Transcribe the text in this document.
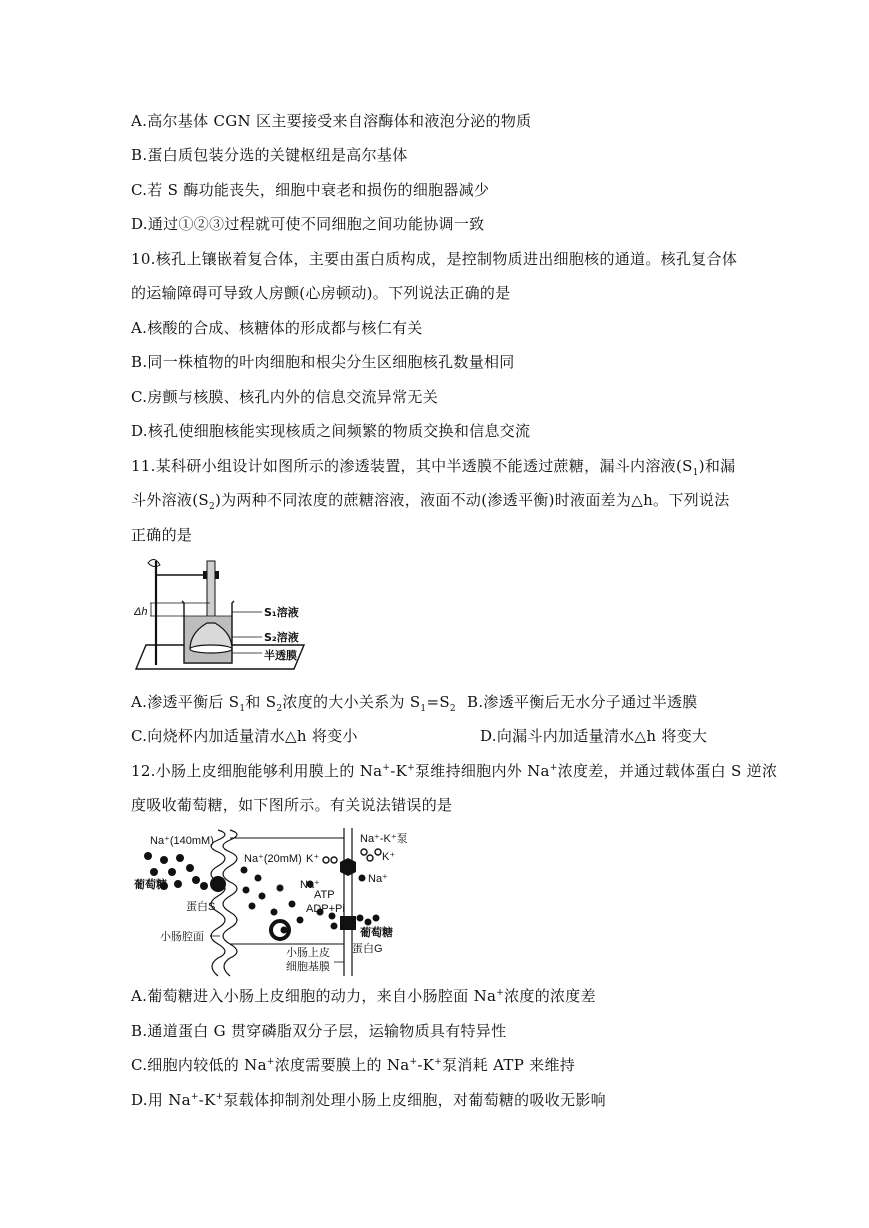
A.高尔基体 CGN 区主要接受来自溶酶体和液泡分泌的物质
B.蛋白质包装分选的关键枢纽是高尔基体
C.若 S 酶功能丧失，细胞中衰老和损伤的细胞器减少
D.通过①②③过程就可使不同细胞之间功能协调一致
10.核孔上镶嵌着复合体，主要由蛋白质构成，是控制物质进出细胞核的通道。核孔复合体
的运输障碍可导致人房颤(心房顿动)。下列说法正确的是
A.核酸的合成、核糖体的形成都与核仁有关
B.同一株植物的叶肉细胞和根尖分生区细胞核孔数量相同
C.房颤与核膜、核孔内外的信息交流异常无关
D.核孔使细胞核能实现核质之间频繁的物质交换和信息交流
11.某科研小组设计如图所示的渗透装置，其中半透膜不能透过蔗糖，漏斗内溶液$(S_1)$和漏
斗外溶液$(S_2)$为两种不同浓度的蔗糖溶液，液面不动(渗透平衡)时液面差为△h。下列说法
正确的是
Δh	S₁溶液
S₂溶液
半透膜
A.渗透平衡后 $S_1$和 $S_2$浓度的大小关系为 $S_1=S_2$ B.渗透平衡后无水分子通过半透膜
C.向烧杯内加适量清水△h 将变小	D.向漏斗内加适量清水△h 将变大
12.小肠上皮细胞能够利用膜上的 Na+-K+泵维持细胞内外 Na+浓度差，并通过载体蛋白 S 逆浓
度吸收葡萄糖，如下图所示。有关说法错误的是
Na⁺(140mM)
Na⁺(20mM)
Na⁺-K⁺泵
K⁺	K⁺
Na⁺
Na⁺
ATP
ADP+Pi
葡萄糖
葡萄糖
蛋白S
蛋白G
小肠腔面
小肠上皮
细胞基膜
A.葡萄糖进入小肠上皮细胞的动力，来自小肠腔面 Na+浓度的浓度差
B.通道蛋白 G 贯穿磷脂双分子层，运输物质具有特异性
C.细胞内较低的 Na+浓度需要膜上的 Na+-K+泵消耗 ATP 来维持
D.用 Na+-K+泵载体抑制剂处理小肠上皮细胞，对葡萄糖的吸收无影响
